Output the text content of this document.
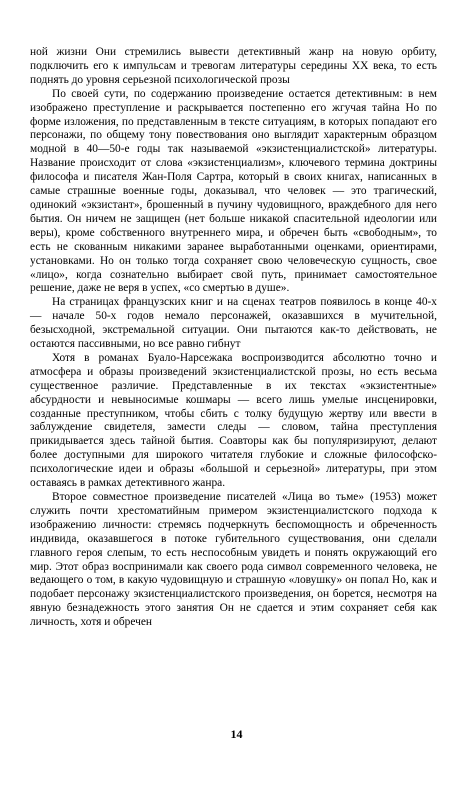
ной жизни Они стремились вывести детективный жанр на новую орбиту, подключить его к импульсам и тревогам литературы середины XX века, то есть поднять до уровня серьезной психологической прозы

По своей сути, по содержанию произведение остается детективным: в нем изображено преступление и раскрывается постепенно его жгучая тайна Но по форме изложения, по представленным в тексте ситуациям, в которых попадают его персонажи, по общему тону повествования оно выглядит характерным образцом модной в 40—50-е годы так называемой «экзистенциалистской» литературы. Название происходит от слова «экзистенциализм», ключевого термина доктрины философа и писателя Жан-Поля Сартра, который в своих книгах, написанных в самые страшные военные годы, доказывал, что человек — это трагический, одинокий «экзистант», брошенный в пучину чудовищного, враждебного для него бытия. Он ничем не защищен (нет больше никакой спасительной идеологии или веры), кроме собственного внутреннего мира, и обречен быть «свободным», то есть не скованным никакими заранее выработанными оценками, ориентирами, установками. Но он только тогда сохраняет свою человеческую сущность, свое «лицо», когда сознательно выбирает свой путь, принимает самостоятельное решение, даже не веря в успех, «со смертью в душе».

На страницах французских книг и на сценах театров появилось в конце 40-х — начале 50-х годов немало персонажей, оказавшихся в мучительной, безысходной, экстремальной ситуации. Они пытаются как-то действовать, не остаются пассивными, но все равно гибнут

Хотя в романах Буало-Нарсежака воспроизводится абсолютно точно и атмосфера и образы произведений экзистенциалистской прозы, но есть весьма существенное различие. Представленные в их текстах «экзистентные» абсурдности и невыносимые кошмары — всего лишь умелые инсценировки, созданные преступником, чтобы сбить с толку будущую жертву или ввести в заблуждение свидетеля, замести следы — словом, тайна преступления прикидывается здесь тайной бытия. Соавторы как бы популяризируют, делают более доступными для широкого читателя глубокие и сложные философско-психологические идеи и образы «большой и серьезной» литературы, при этом оставаясь в рамках детективного жанра.

Второе совместное произведение писателей «Лица во тьме» (1953) может служить почти хрестоматийным примером экзистенциалистского подхода к изображению личности: стремясь подчеркнуть беспомощность и обреченность индивида, оказавшегося в потоке губительного существования, они сделали главного героя слепым, то есть неспособным увидеть и понять окружающий его мир. Этот образ воспринимали как своего рода символ современного человека, не ведающего о том, в какую чудовищную и страшную «ловушку» он попал Но, как и подобает персонажу экзистенциалистского произведения, он борется, несмотря на явную безнадежность этого занятия Он не сдается и этим сохраняет себя как личность, хотя и обречен

14
